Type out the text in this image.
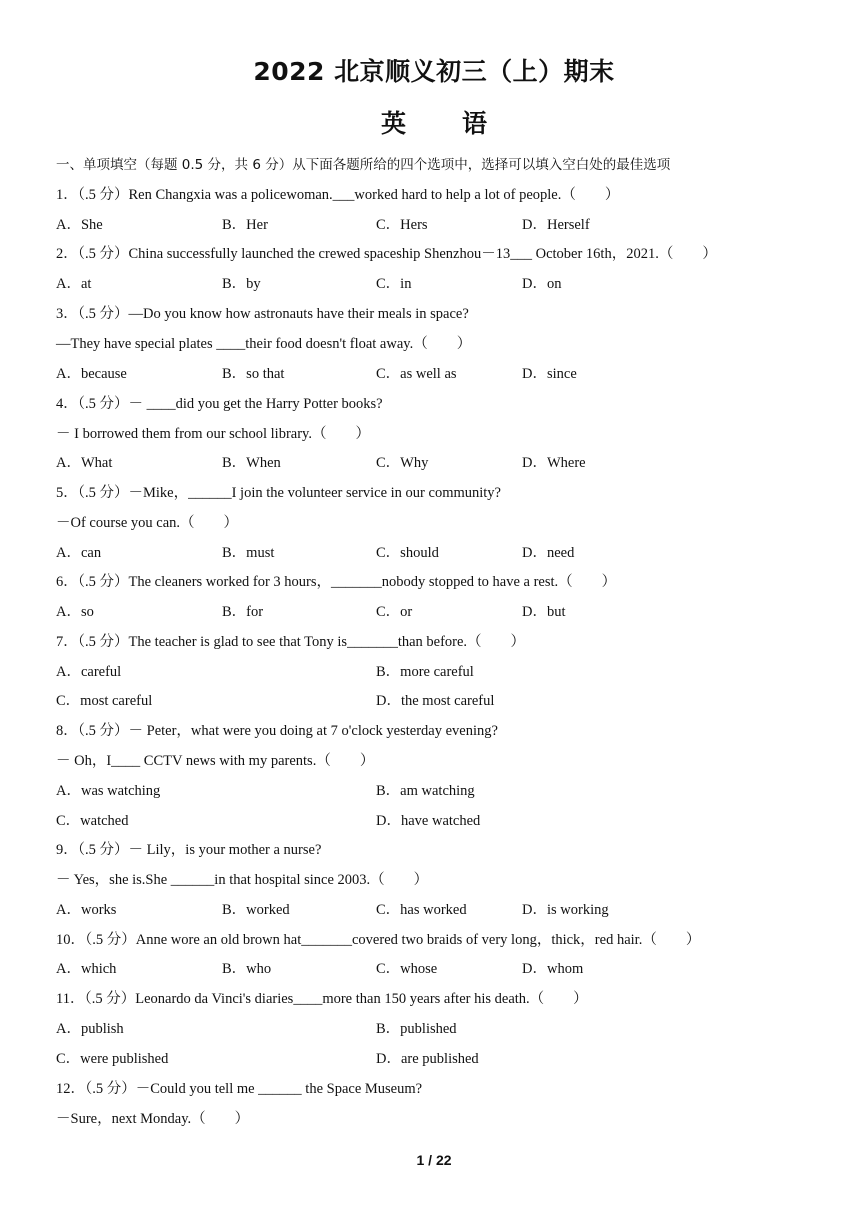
2022 北京顺义初三（上）期末
英 语
一、单项填空（每题 0.5 分，共 6 分）从下面各题所给的四个选项中，选择可以填入空白处的最佳选项
1．（.5 分）Ren Changxia was a policewoman.___worked hard to help a lot of people.（　　）
A．She	B．Her	C．Hers	D．Herself
2．（.5 分）China successfully launched the crewed spaceship Shenzhou－13___ October 16th，2021.（　　）
A．at	B．by	C．in	D．on
3．（.5 分）—Do you know how astronauts have their meals in space?
—They have special plates ____their food doesn't float away.（　　）
A．because	B．so that	C．as well as	D．since
4．（.5 分）－ ____did you get the Harry Potter books?
－ I borrowed them from our school library.（　　）
A．What	B．When	C．Why	D．Where
5．（.5 分）－Mike，______I join the volunteer service in our community?
－Of course you can.（　　）
A．can	B．must	C．should	D．need
6．（.5 分）The cleaners worked for 3 hours，_______nobody stopped to have a rest.（　　）
A．so	B．for	C．or	D．but
7．（.5 分）The teacher is glad to see that Tony is_______than before.（　　）
A．careful	B．more careful
C．most careful	D．the most careful
8．（.5 分）－ Peter，what were you doing at 7 o'clock yesterday evening?
－ Oh，I____ CCTV news with my parents.（　　）
A．was watching	B．am watching
C．watched	D．have watched
9．（.5 分）－ Lily，is your mother a nurse?
－ Yes，she is.She ______in that hospital since 2003.（　　）
A．works	B．worked	C．has worked	D．is working
10．（.5 分）Anne wore an old brown hat_______covered two braids of very long，thick，red hair.（　　）
A．which	B．who	C．whose	D．whom
11．（.5 分）Leonardo da Vinci's diaries____more than 150 years after his death.（　　）
A．publish	B．published
C．were published	D．are published
12．（.5 分）－Could you tell me ______ the Space Museum?
－Sure，next Monday.（　　）
1 / 22
